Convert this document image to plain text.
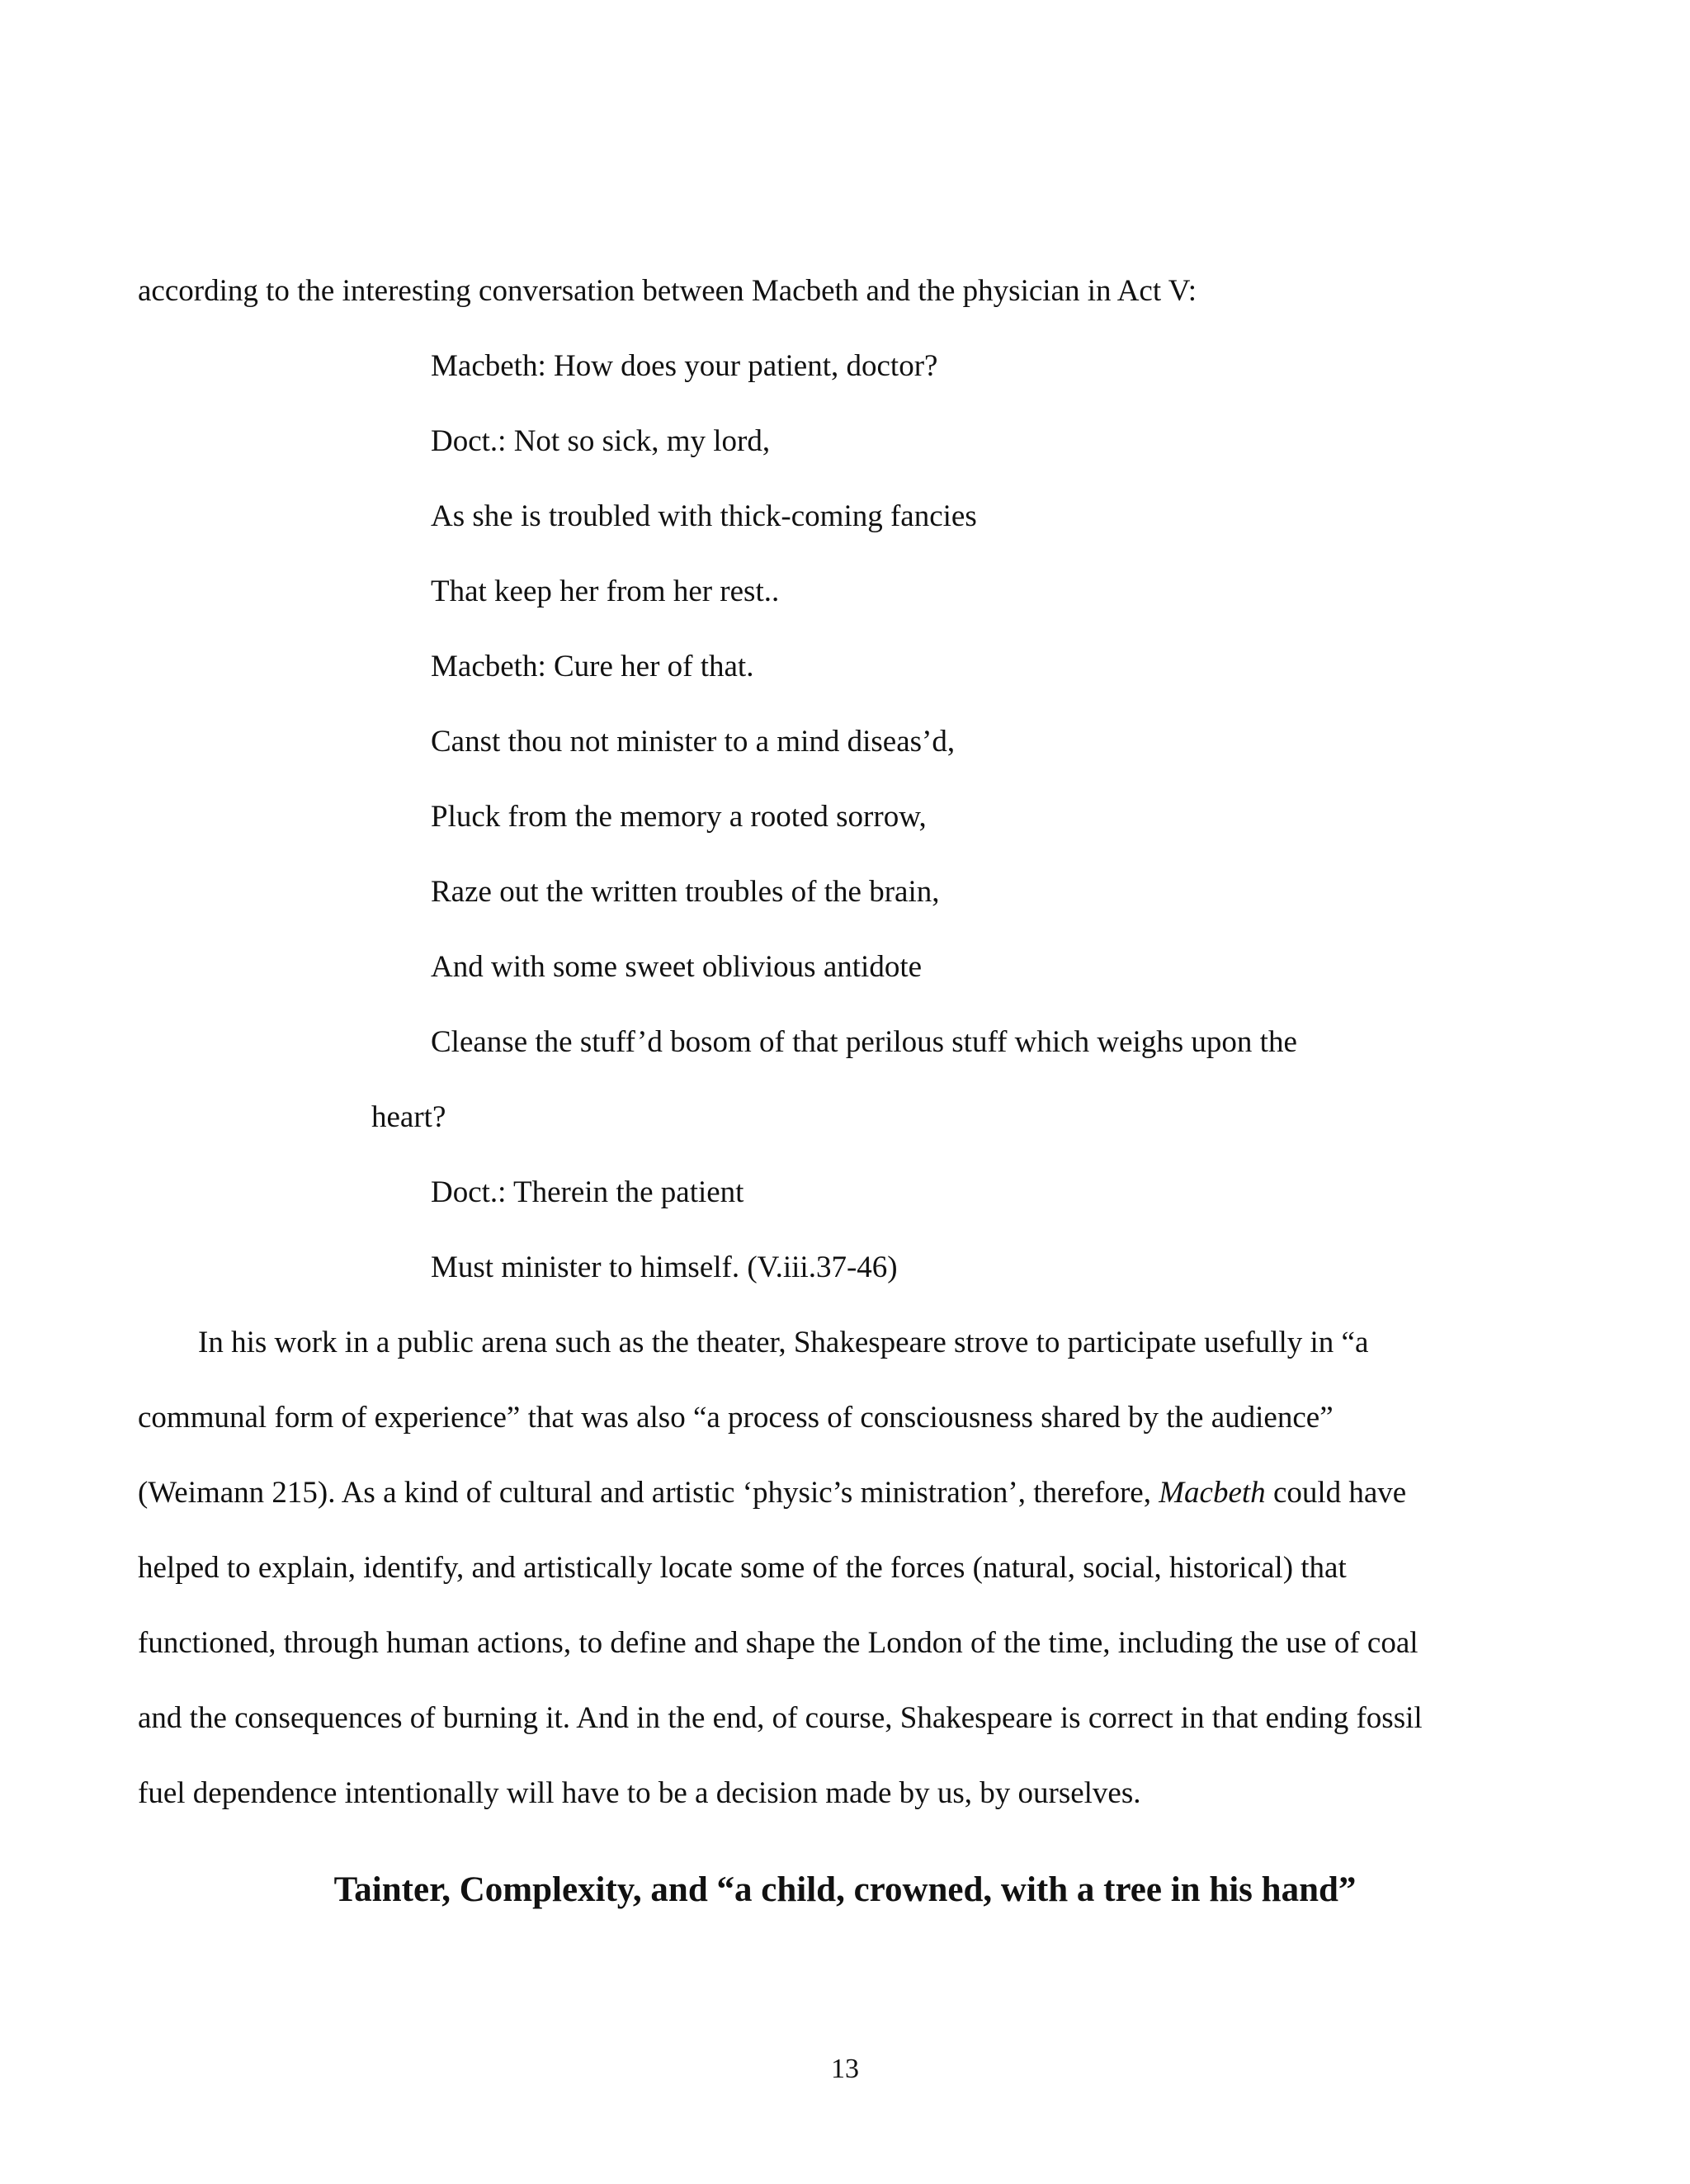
according to the interesting conversation between Macbeth and the physician in Act V:
Macbeth: How does your patient, doctor?
Doct.: Not so sick, my lord,
As she is troubled with thick-coming fancies
That keep her from her rest..
Macbeth: Cure her of that.
Canst thou not minister to a mind diseas’d,
Pluck from the memory a rooted sorrow,
Raze out the written troubles of the brain,
And with some sweet oblivious antidote
Cleanse the stuff’d bosom of that perilous stuff which weighs upon the
heart?
Doct.: Therein the patient
Must minister to himself. (V.iii.37-46)
In his work in a public arena such as the theater, Shakespeare strove to participate usefully in “a
communal form of experience” that was also “a process of consciousness shared by the audience”
(Weimann 215). As a kind of cultural and artistic ‘physic’s ministration’, therefore, Macbeth could have
helped to explain, identify, and artistically locate some of the forces (natural, social, historical) that
functioned, through human actions, to define and shape the London of the time, including the use of coal
and the consequences of burning it. And in the end, of course, Shakespeare is correct in that ending fossil
fuel dependence intentionally will have to be a decision made by us, by ourselves.
Tainter, Complexity, and “a child, crowned, with a tree in his hand”
13
